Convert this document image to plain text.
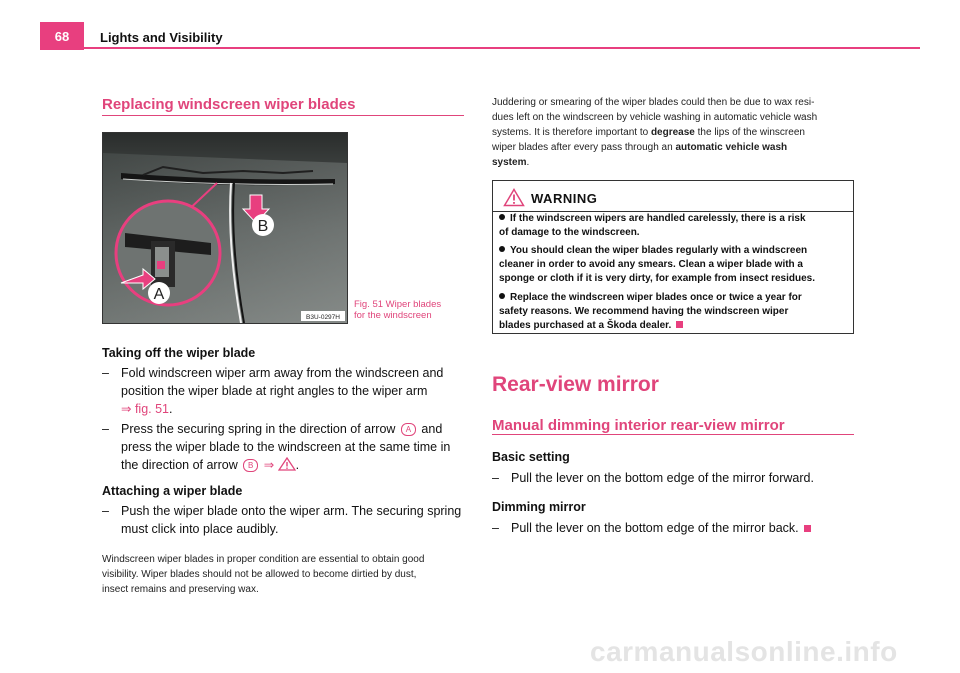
68	Lights and Visibility
Replacing windscreen wiper blades
B
A
B3U-0297H
Fig. 51 Wiper blades
for the windscreen
Taking off the wiper blade
– Fold windscreen wiper arm away from the windscreen and
position the wiper blade at right angles to the wiper arm
⇒ fig. 51.
– Press the securing spring in the direction of arrow A and
press the wiper blade to the windscreen at the same time in
the direction of arrow B ⇒ .
Attaching a wiper blade
– Push the wiper blade onto the wiper arm. The securing spring
must click into place audibly.
Windscreen wiper blades in proper condition are essential to obtain good
visibility. Wiper blades should not be allowed to become dirtied by dust,
insect remains and preserving wax.
Juddering or smearing of the wiper blades could then be due to wax resi-
dues left on the windscreen by vehicle washing in automatic vehicle wash
systems. It is therefore important to degrease the lips of the winscreen
wiper blades after every pass through an automatic vehicle wash
system.
WARNING
If the windscreen wipers are handled carelessly, there is a risk
of damage to the windscreen.
You should clean the wiper blades regularly with a windscreen
cleaner in order to avoid any smears. Clean a wiper blade with a
sponge or cloth if it is very dirty, for example from insect residues.
Replace the windscreen wiper blades once or twice a year for
safety reasons. We recommend having the windscreen wiper
blades purchased at a Škoda dealer.
Rear-view mirror
Manual dimming interior rear-view mirror
Basic setting
– Pull the lever on the bottom edge of the mirror forward.
Dimming mirror
– Pull the lever on the bottom edge of the mirror back.
carmanualsonline.info
